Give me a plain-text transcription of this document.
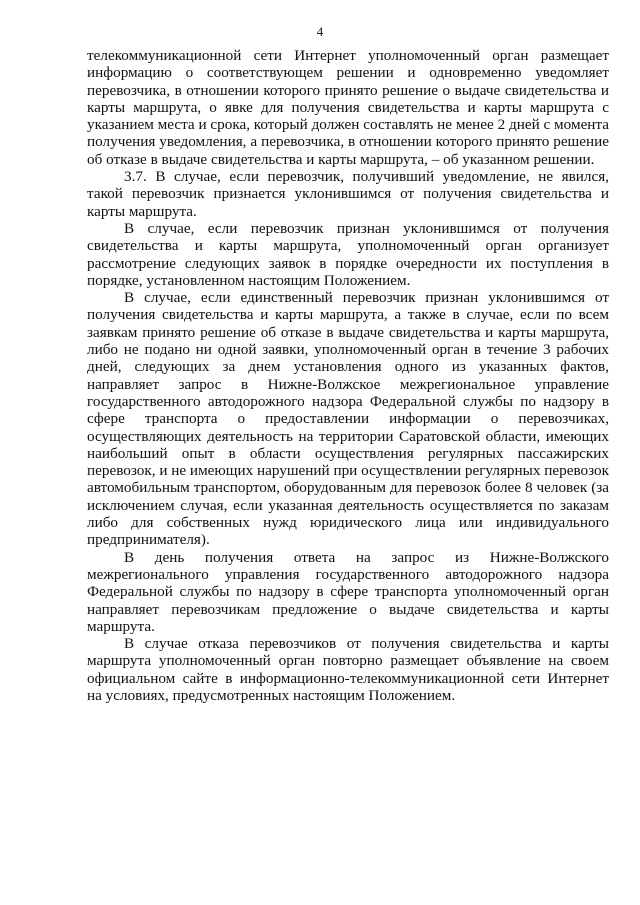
4

телекоммуникационной сети Интернет уполномоченный орган размещает информацию о соответствующем решении и одновременно уведомляет перевозчика, в отношении которого принято решение о выдаче свидетельства и карты маршрута, о явке для получения свидетельства и карты маршрута с указанием места и срока, который должен составлять не менее 2 дней с момента получения уведомления, а перевозчика, в отношении которого принято решение об отказе в выдаче свидетельства и карты маршрута, – об указанном решении.

3.7. В случае, если перевозчик, получивший уведомление, не явился, такой перевозчик признается уклонившимся от получения свидетельства и карты маршрута.

В случае, если перевозчик признан уклонившимся от получения свидетельства и карты маршрута, уполномоченный орган организует рассмотрение следующих заявок в порядке очередности их поступления в порядке, установленном настоящим Положением.

В случае, если единственный перевозчик признан уклонившимся от получения свидетельства и карты маршрута, а также в случае, если по всем заявкам принято решение об отказе в выдаче свидетельства и карты маршрута, либо не подано ни одной заявки, уполномоченный орган в течение 3 рабочих дней, следующих за днем установления одного из указанных фактов, направляет запрос в Нижне-Волжское межрегиональное управление государственного автодорожного надзора Федеральной службы по надзору в сфере транспорта о предоставлении информации о перевозчиках, осуществляющих деятельность на территории Саратовской области, имеющих наибольший опыт в области осуществления регулярных пассажирских перевозок, и не имеющих нарушений при осуществлении регулярных перевозок автомобильным транспортом, оборудованным для перевозок более 8 человек (за исключением случая, если указанная деятельность осуществляется по заказам либо для собственных нужд юридического лица или индивидуального предпринимателя).

В день получения ответа на запрос из Нижне-Волжского межрегионального управления государственного автодорожного надзора Федеральной службы по надзору в сфере транспорта уполномоченный орган направляет перевозчикам предложение о выдаче свидетельства и карты маршрута.

В случае отказа перевозчиков от получения свидетельства и карты маршрута уполномоченный орган повторно размещает объявление на своем официальном сайте в информационно-телекоммуникационной сети Интернет на условиях, предусмотренных настоящим Положением.
